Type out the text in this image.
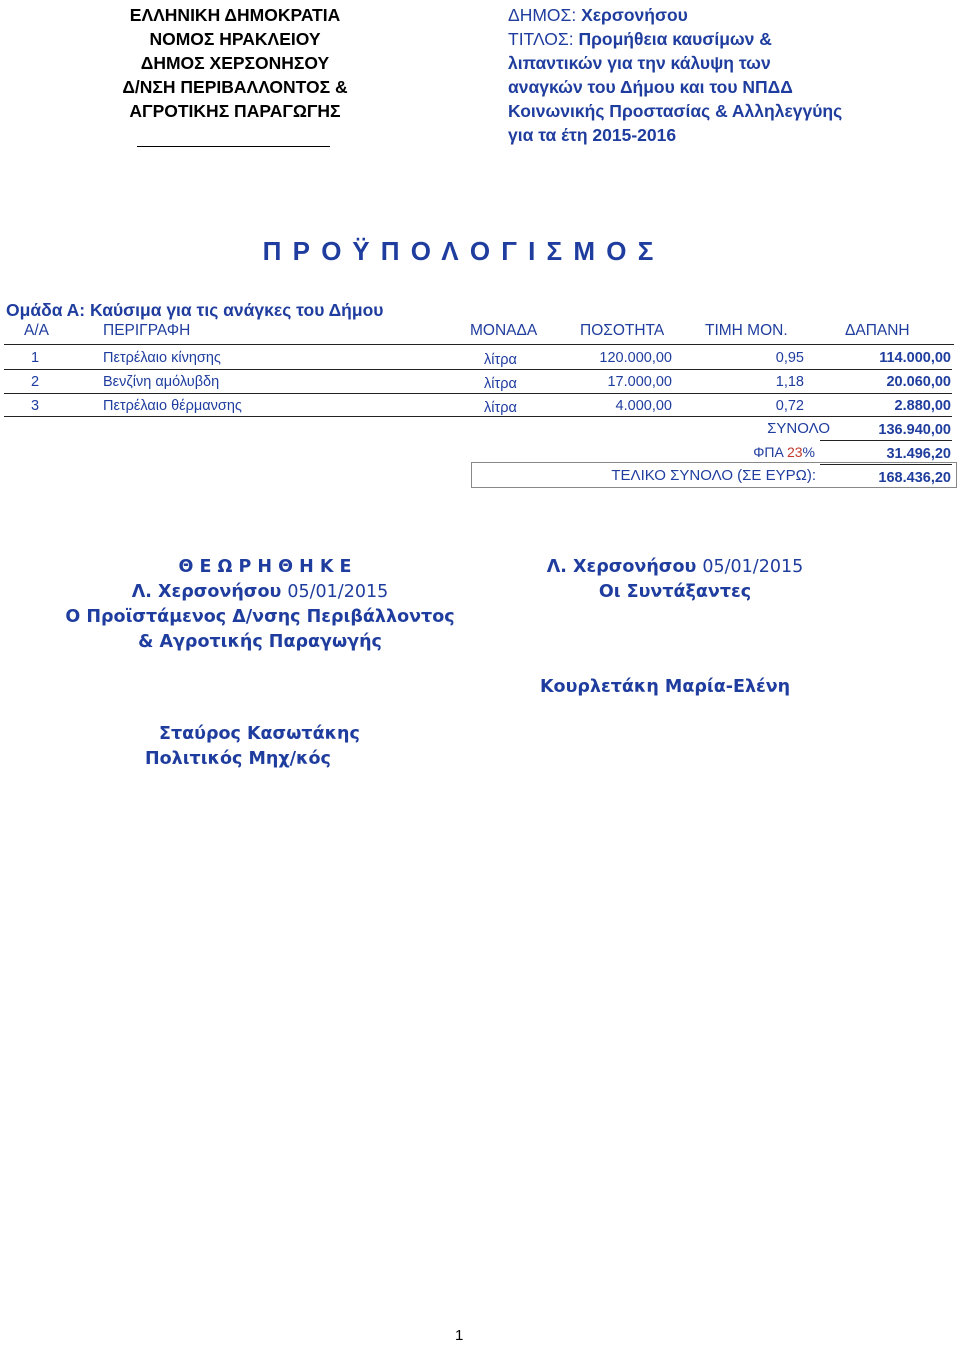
ΕΛΛΗΝΙΚΗ ΔΗΜΟΚΡΑΤΙΑ
ΝΟΜΟΣ ΗΡΑΚΛΕΙΟΥ
ΔΗΜΟΣ ΧΕΡΣΟΝΗΣΟΥ
Δ/ΝΣΗ ΠΕΡΙΒΑΛΛΟΝΤΟΣ &
ΑΓΡΟΤΙΚΗΣ ΠΑΡΑΓΩΓΗΣ
ΔΗΜΟΣ: Χερσονήσου
ΤΙΤΛΟΣ: Προμήθεια καυσίμων &
λιπαντικών για την κάλυψη των
αναγκών του Δήμου και του ΝΠΔΔ
Κοινωνικής Προστασίας & Αλληλεγγύης
για τα έτη 2015-2016
Π Ρ Ο Ϋ Π Ο Λ Ο Γ Ι Σ Μ Ο Σ
Ομάδα Α: Καύσιμα για τις ανάγκες του Δήμου
Α/Α	ΠΕΡΙΓΡΑΦΗ	ΜΟΝΑΔΑ	ΠΟΣΟΤΗΤΑ	ΤΙΜΗ ΜΟΝ.	ΔΑΠΑΝΗ
1	Πετρέλαιο κίνησης	λίτρα	120.000,00	0,95	114.000,00
2	Βενζίνη αμόλυβδη	λίτρα	17.000,00	1,18	20.060,00
3	Πετρέλαιο θέρμανσης	λίτρα	4.000,00	0,72	2.880,00
ΣΥΝΟΛΟ	136.940,00
ΦΠΑ 23%	31.496,20
ΤΕΛΙΚΟ ΣΥΝΟΛΟ (ΣΕ ΕΥΡΩ):	168.436,20
Θ Ε Ω Ρ Η Θ Η Κ Ε
Λ. Χερσονήσου 05/01/2015
Ο Προϊστάμενος Δ/νσης Περιβάλλοντος
& Αγροτικής Παραγωγής
Σταύρος Κασωτάκης
Πολιτικός Μηχ/κός
Λ. Χερσονήσου 05/01/2015
Οι Συντάξαντες
Κουρλετάκη Μαρία-Ελένη
1
